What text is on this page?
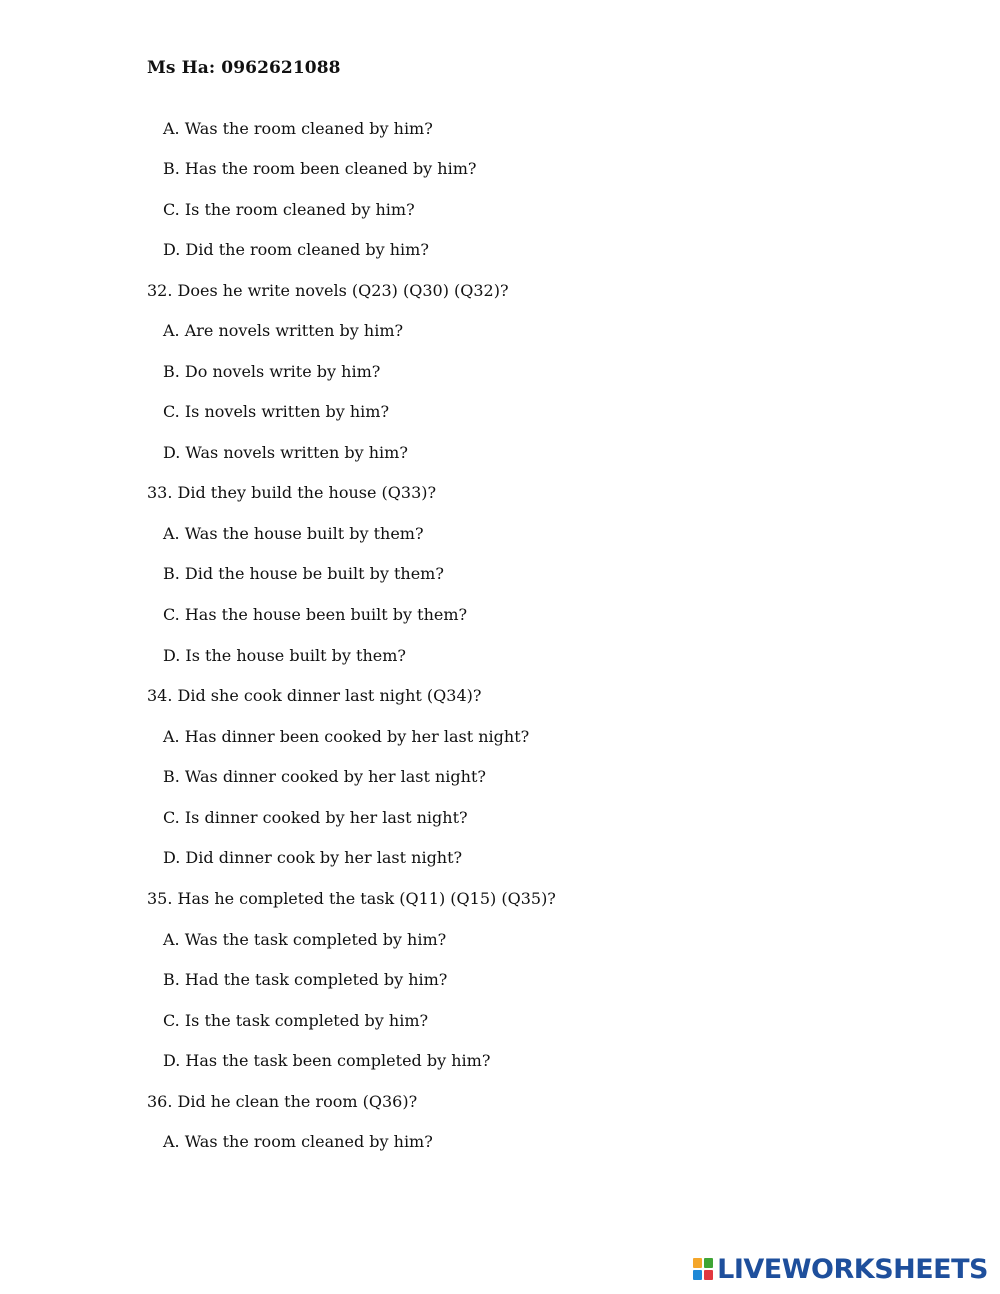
Ms Ha: 0962621088
A. Was the room cleaned by him?
B. Has the room been cleaned by him?
C. Is the room cleaned by him?
D. Did the room cleaned by him?
32. Does he write novels (Q23) (Q30) (Q32)?
A. Are novels written by him?
B. Do novels write by him?
C. Is novels written by him?
D. Was novels written by him?
33. Did they build the house (Q33)?
A. Was the house built by them?
B. Did the house be built by them?
C. Has the house been built by them?
D. Is the house built by them?
34. Did she cook dinner last night (Q34)?
A. Has dinner been cooked by her last night?
B. Was dinner cooked by her last night?
C. Is dinner cooked by her last night?
D. Did dinner cook by her last night?
35. Has he completed the task (Q11) (Q15) (Q35)?
A. Was the task completed by him?
B. Had the task completed by him?
C. Is the task completed by him?
D. Has the task been completed by him?
36. Did he clean the room (Q36)?
A. Was the room cleaned by him?
LIVEWORKSHEETS
